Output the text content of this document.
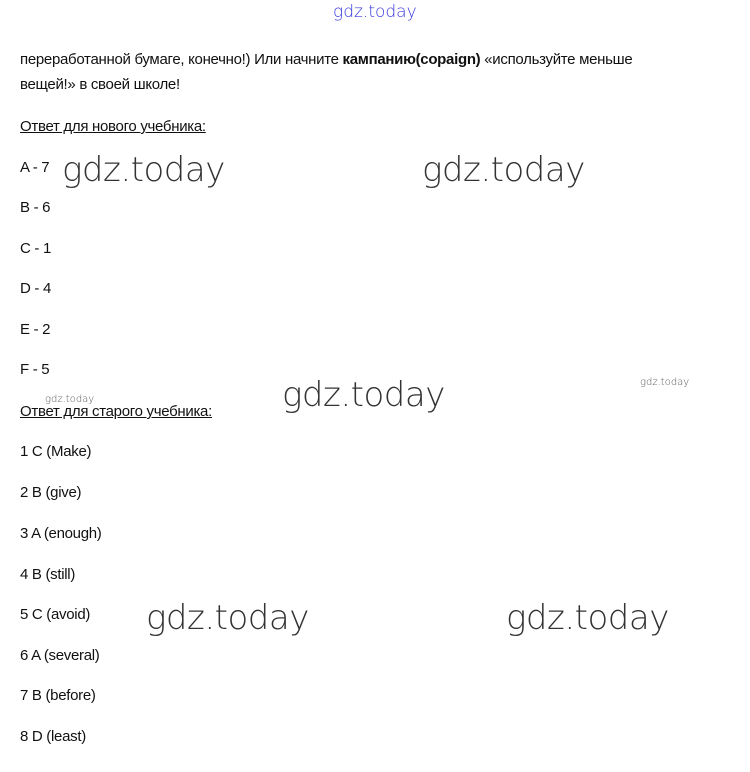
gdz.today
переработанной бумаге, конечно!) Или начните кампанию(copaign) «используйте меньше
вещей!» в своей школе!
Ответ для нового учебника:
A - 7
B - 6
C - 1
D - 4
E - 2
F - 5
Ответ для старого учебника:
1 C (Make)
2 B (give)
3 A (enough)
4 B (still)
5 C (avoid)
6 A (several)
7 B (before)
8 D (least)
gdz.today	gdz.today
gdz.today
gdz.today	gdz.today
gdz.today
gdz.today
